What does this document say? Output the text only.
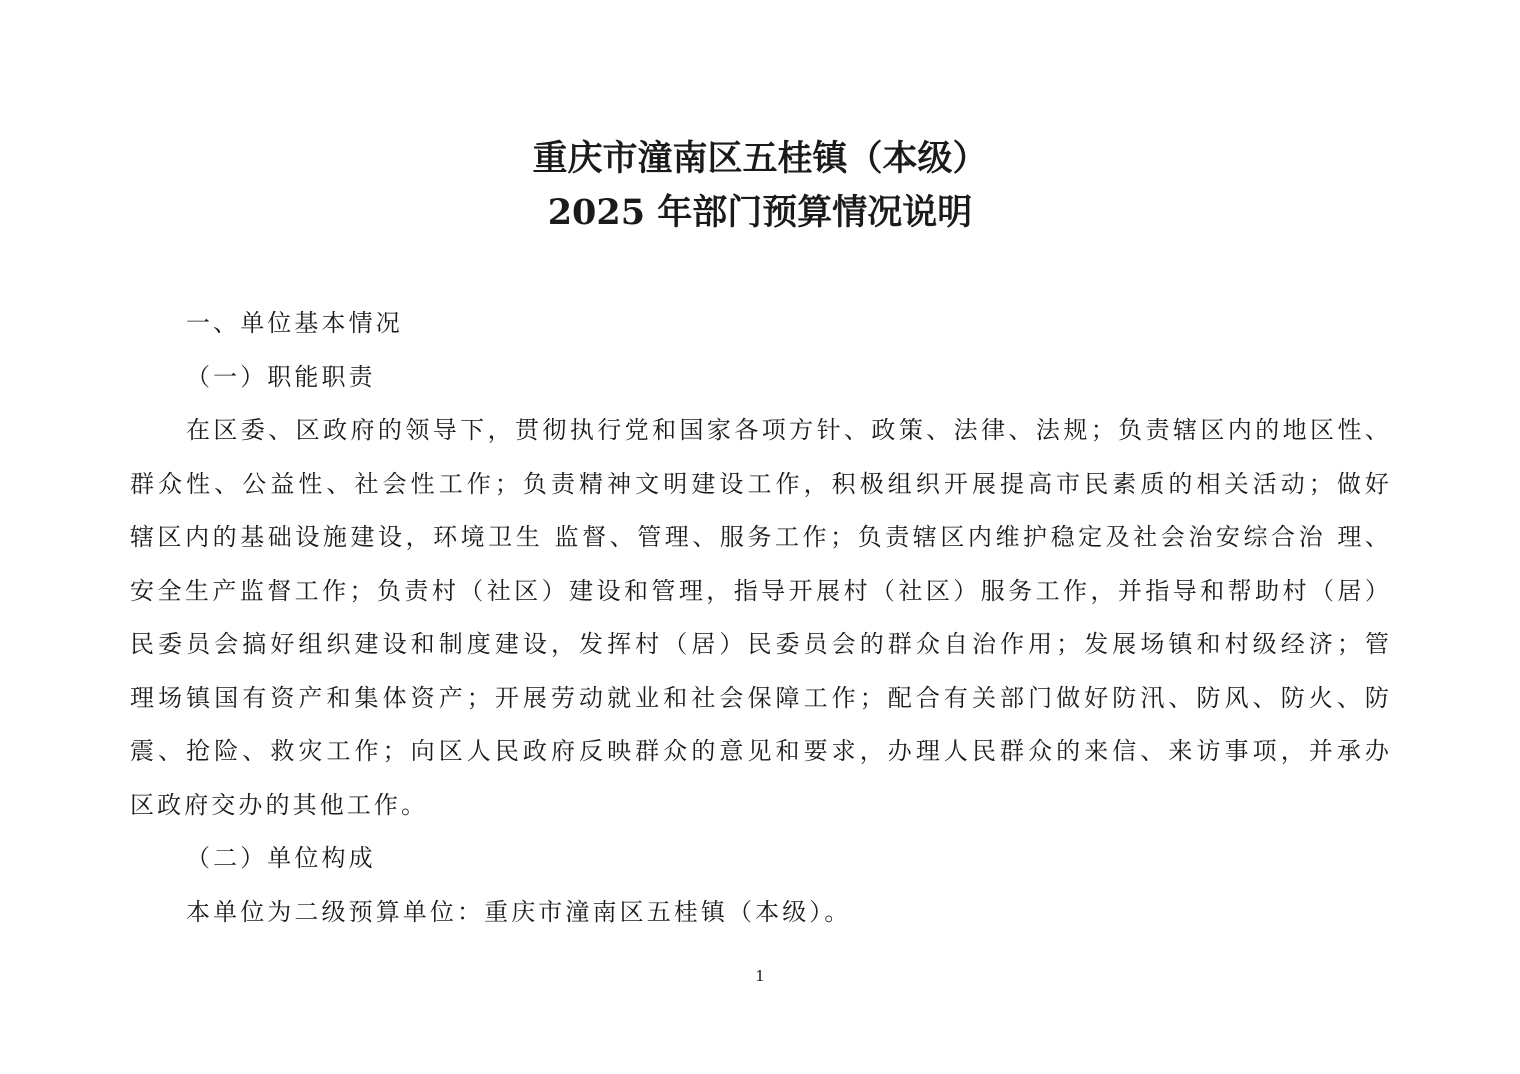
重庆市潼南区五桂镇（本级）
2025 年部门预算情况说明
一、单位基本情况
（一）职能职责
在区委、区政府的领导下，贯彻执行党和国家各项方针、政策、法律、法规；负责辖区内的地区性、
群众性、公益性、社会性工作；负责精神文明建设工作，积极组织开展提高市民素质的相关活动；做好
辖区内的基础设施建设，环境卫生 监督、管理、服务工作；负责辖区内维护稳定及社会治安综合治 理、
安全生产监督工作；负责村（社区）建设和管理，指导开展村（社区）服务工作，并指导和帮助村（居）
民委员会搞好组织建设和制度建设，发挥村（居）民委员会的群众自治作用；发展场镇和村级经济；管
理场镇国有资产和集体资产；开展劳动就业和社会保障工作；配合有关部门做好防汛、防风、防火、防
震、抢险、救灾工作；向区人民政府反映群众的意见和要求，办理人民群众的来信、来访事项，并承办
区政府交办的其他工作。
（二）单位构成
本单位为二级预算单位：重庆市潼南区五桂镇（本级）。
1
